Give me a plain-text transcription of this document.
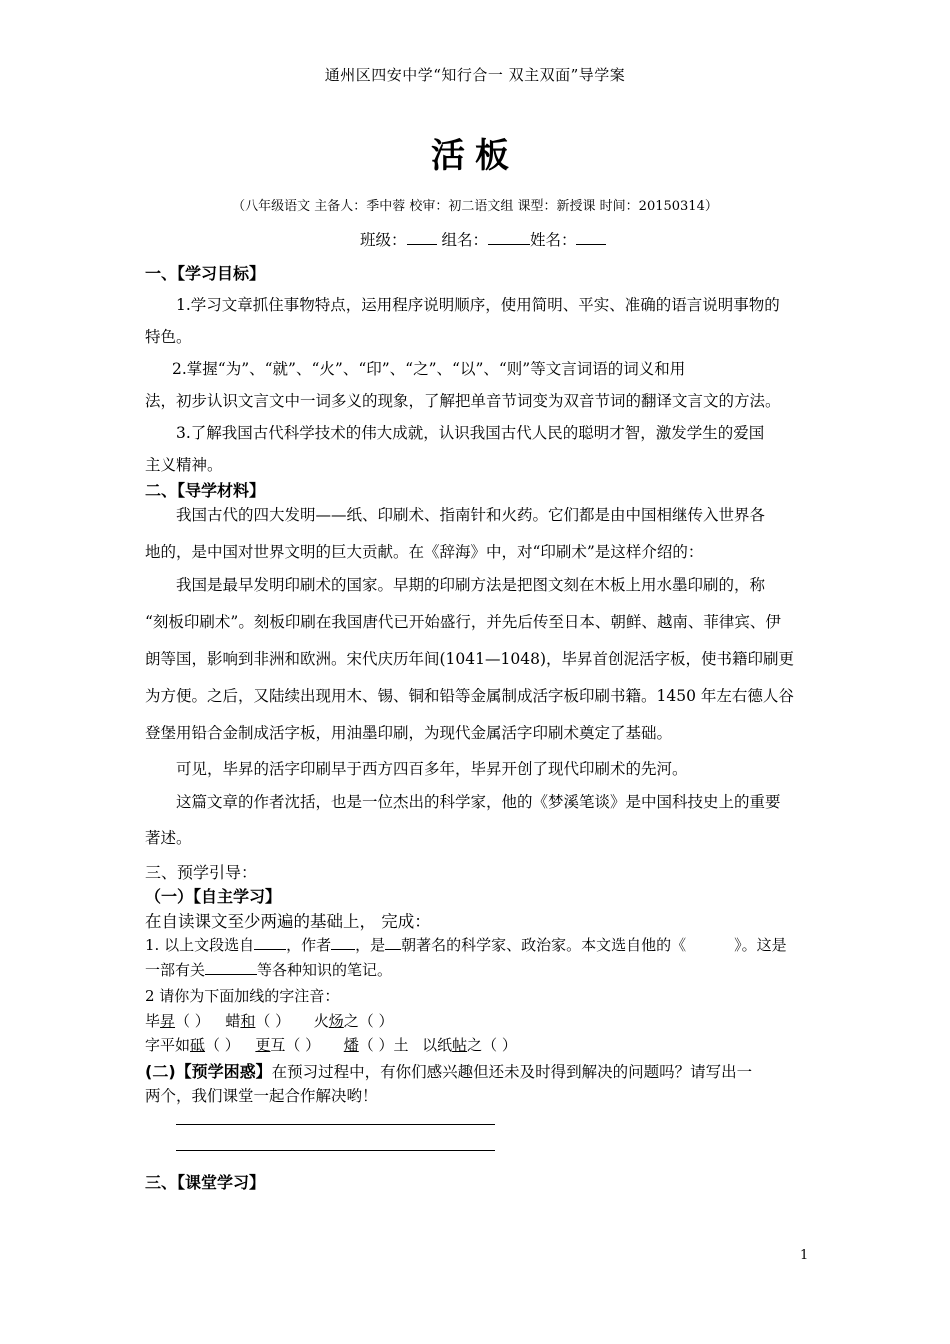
通州区四安中学“知行合一 双主双面”导学案
活板
（八年级语文 主备人：季中蓉 校审：初二语文组 课型：新授课 时间：20150314）
班级： 组名：	姓名：
一、【学习目标】
1.学习文章抓住事物特点，运用程序说明顺序，使用简明、平实、准确的语言说明事物的
特色。
2.掌握“为”、“就”、“火”、“印”、“之”、“以”、“则”等文言词语的词义和用
法，初步认识文言文中一词多义的现象，了解把单音节词变为双音节词的翻译文言文的方法。
3.了解我国古代科学技术的伟大成就，认识我国古代人民的聪明才智，激发学生的爱国
主义精神。
二、【导学材料】
我国古代的四大发明——纸、印刷术、指南针和火药。它们都是由中国相继传入世界各
地的，是中国对世界文明的巨大贡献。在《辞海》中，对“印刷术”是这样介绍的：
我国是最早发明印刷术的国家。早期的印刷方法是把图文刻在木板上用水墨印刷的，称
“刻板印刷术”。刻板印刷在我国唐代已开始盛行，并先后传至日本、朝鲜、越南、菲律宾、伊
朗等国，影响到非洲和欧洲。宋代庆历年间(1041—1048)，毕昇首创泥活字板，使书籍印刷更
为方便。之后，又陆续出现用木、锡、铜和铅等金属制成活字板印刷书籍。1450 年左右德人谷
登堡用铅合金制成活字板，用油墨印刷，为现代金属活字印刷术奠定了基础。
可见，毕昇的活字印刷早于西方四百多年，毕昇开创了现代印刷术的先河。
这篇文章的作者沈括，也是一位杰出的科学家，他的《梦溪笔谈》是中国科技史上的重要
著述。
三、预学引导：
（一）【自主学习】
在自读课文至少两遍的基础上， 完成：
1. 以上文段选自 ，作者 ，是 朝著名的科学家、政治家。本文选自他的《	》。这是
一部有关	等各种知识的笔记。
2 请你为下面加线的字注音：
毕昇（ ） 蜡和（ ） 火炀之（ ）
字平如砥（ ） 更互（ ） 燔（ ）土 以纸帖之（ ）
(二)【预学困惑】在预习过程中，有你们感兴趣但还未及时得到解决的问题吗？请写出一
两个，我们课堂一起合作解决哟！
三、【课堂学习】
1
